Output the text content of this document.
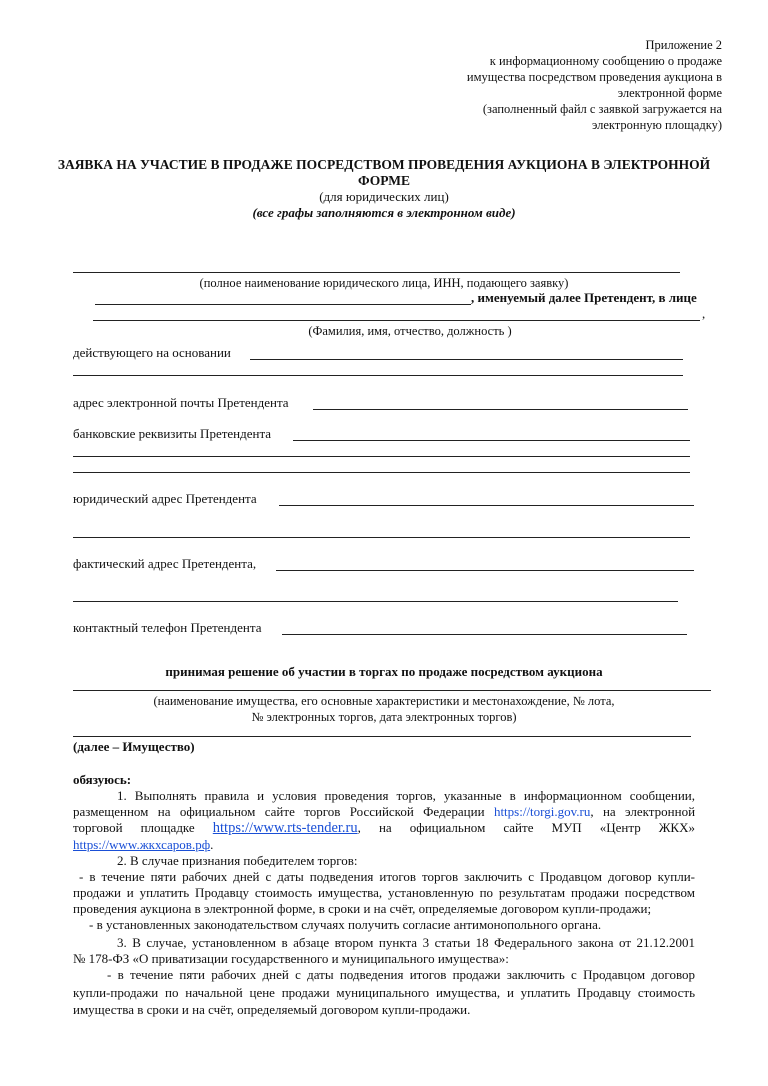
Приложение 2
к информационному сообщению о продаже
имущества посредством проведения аукциона в
электронной форме
(заполненный файл с заявкой загружается на
электронную площадку)
ЗАЯВКА НА УЧАСТИЕ В ПРОДАЖЕ ПОСРЕДСТВОМ ПРОВЕДЕНИЯ АУКЦИОНА В ЭЛЕКТРОННОЙ
ФОРМЕ
(для юридических лиц)
(все графы заполняются в электронном виде)
(полное наименование юридического лица, ИНН, подающего заявку)
, именуемый далее Претендент, в лице
,
(Фамилия, имя, отчество, должность )
действующего на основании
адрес электронной почты Претендента
банковские реквизиты Претендента
юридический адрес Претендента
фактический адрес Претендента,
контактный телефон Претендента
принимая решение об участии в торгах по продаже посредством аукциона
(наименование имущества, его основные характеристики и местонахождение, № лота,
№ электронных торгов, дата электронных торгов)
(далее – Имущество)
обязуюсь:
1. Выполнять правила и условия проведения торгов, указанные в информационном сообщении,
размещенном на официальном сайте торгов Российской Федерации https://torgi.gov.ru, на электронной
торговой площадке https://www.rts-tender.ru, на официальном сайте МУП «Центр ЖКХ»
https://www.жкхсаров.рф.
2. В случае признания победителем торгов:
- в течение пяти рабочих дней с даты подведения итогов торгов заключить с Продавцом договор купли-
продажи и уплатить Продавцу стоимость имущества, установленную по результатам продажи посредством
проведения аукциона в электронной форме, в сроки и на счёт, определяемые договором купли-продажи;
- в установленных законодательством случаях получить согласие антимонопольного органа.
3. В случае, установленном в абзаце втором пункта 3 статьи 18 Федерального закона от 21.12.2001
№ 178-ФЗ «О приватизации государственного и муниципального имущества»:
- в течение пяти рабочих дней с даты подведения итогов продажи заключить с Продавцом договор
купли-продажи по начальной цене продажи муниципального имущества, и уплатить Продавцу стоимость
имущества в сроки и на счёт, определяемый договором купли-продажи.
